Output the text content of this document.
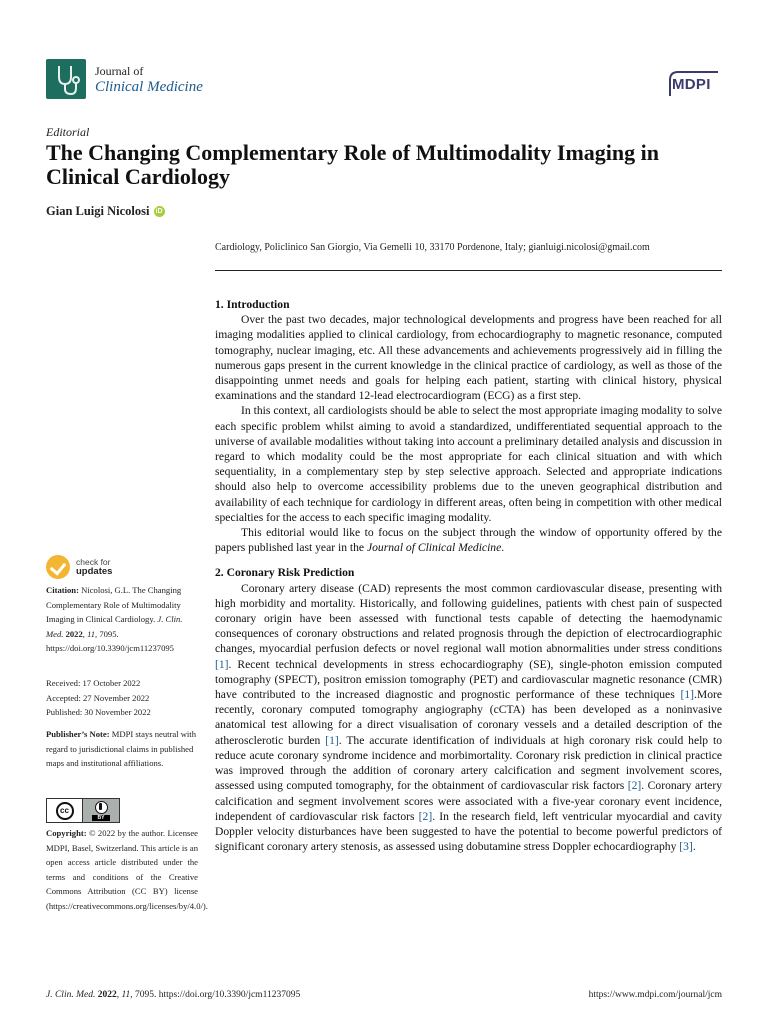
Journal of
Clinical Medicine	MDPI
Editorial
The Changing Complementary Role of Multimodality Imaging in Clinical Cardiology
Gian Luigi Nicolosi iD
Cardiology, Policlinico San Giorgio, Via Gemelli 10, 33170 Pordenone, Italy; gianluigi.nicolosi@gmail.com
check for
updates
Citation: Nicolosi, G.L. The Changing Complementary Role of Multimodality Imaging in Clinical Cardiology. J. Clin. Med. 2022, 11, 7095. https://doi.org/10.3390/jcm11237095
Received: 17 October 2022
Accepted: 27 November 2022
Published: 30 November 2022
Publisher’s Note: MDPI stays neutral with regard to jurisdictional claims in published maps and institutional affiliations.
cc
BY
Copyright: © 2022 by the author. Licensee MDPI, Basel, Switzerland. This article is an open access article distributed under the terms and conditions of the Creative Commons Attribution (CC BY) license (https://creativecommons.org/licenses/by/4.0/).
1. Introduction

Over the past two decades, major technological developments and progress have been reached for all imaging modalities applied to clinical cardiology, from echocardiography to magnetic resonance, computed tomography, nuclear imaging, etc. All these advancements and achievements progressively aid in filling the numerous gaps present in the current knowledge in the clinical practice of cardiology, as well as those of the disappointing unmet needs and goals for helping each patient, starting with clinical history, physical examinations and the standard 12-lead electrocardiogram (ECG) as a first step.

In this context, all cardiologists should be able to select the most appropriate imaging modality to solve each specific problem whilst aiming to avoid a standardized, undifferentiated sequential approach to the universe of available modalities without taking into account a preliminary detailed analysis and discussion in regard to which modality could be the most appropriate for each clinical situation and with which sequentiality, in a complementary step by step selective approach. Selected and appropriate indications should also help to overcome accessibility problems due to the uneven geographical distribution and availability of each technique for cardiology in different areas, often being in competition with other medical specialties for the access to each specific imaging modality.

This editorial would like to focus on the subject through the window of opportunity offered by the papers published last year in the Journal of Clinical Medicine.

2. Coronary Risk Prediction

Coronary artery disease (CAD) represents the most common cardiovascular disease, presenting with high morbidity and mortality. Historically, and following guidelines, patients with chest pain of suspected coronary origin have been assessed with functional tests capable of detecting the haemodynamic consequences of coronary obstructions and related prognosis through the depiction of electrocardiographic changes, myocardial perfusion defects or novel regional wall motion abnormalities under stress conditions [1]. Recent technical developments in stress echocardiography (SE), single-photon emission computed tomography (SPECT), positron emission tomography (PET) and cardiovascular magnetic resonance (CMR) have contributed to the increased diagnostic and prognostic performance of these techniques [1].More recently, coronary computed tomography angiography (cCTA) has been developed as a noninvasive anatomical test allowing for a direct visualisation of coronary vessels and a detailed description of the atherosclerotic burden [1]. The accurate identification of individuals at high coronary risk could help to reduce acute coronary syndrome incidence and morbimortality. Coronary risk prediction in clinical practice was improved through the addition of coronary artery calcification and segment involvement scores, assessed using computed tomography, for the obtainment of cardiovascular risk factors [2]. Coronary artery calcification and segment involvement scores were associated with a five-year coronary event incidence, independent of cardiovascular risk factors [2]. In the research field, left ventricular myocardial and cavity Doppler velocity disturbances have been suggested to have the potential to become powerful predictors of significant coronary artery stenosis, as assessed using dobutamine stress Doppler echocardiography [3].

J. Clin. Med. 2022, 11, 7095. https://doi.org/10.3390/jcm11237095	https://www.mdpi.com/journal/jcm
